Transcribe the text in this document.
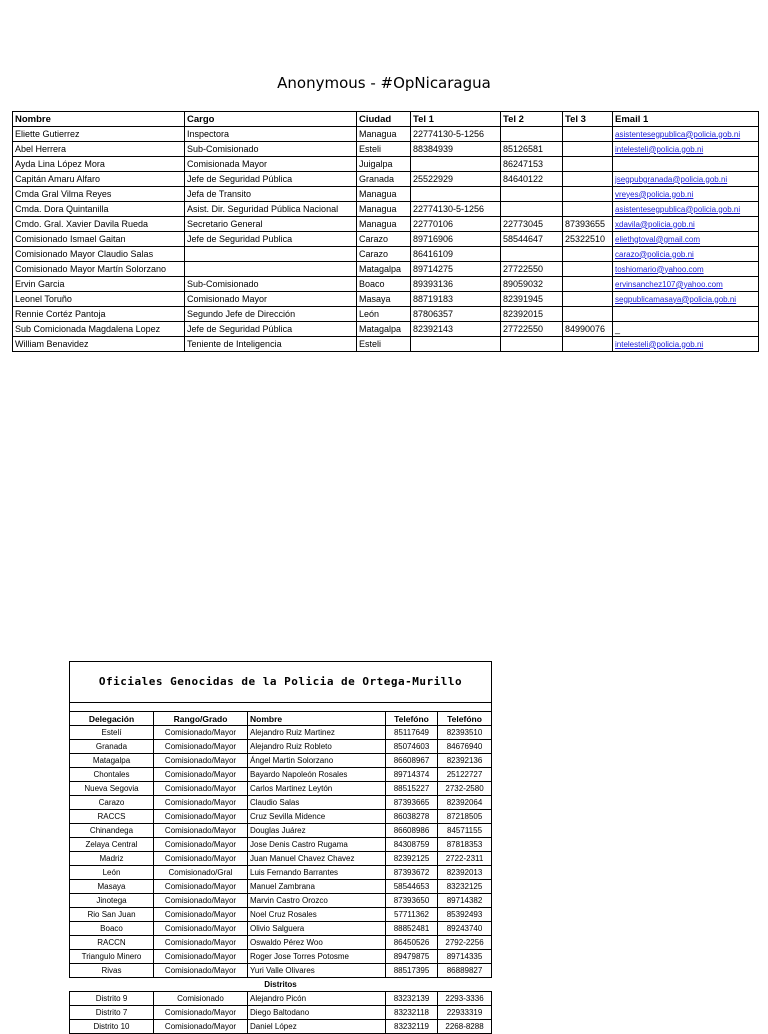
Anonymous - #OpNicaragua
Nombre	Cargo	Ciudad	Tel 1	Tel 2	Tel 3	Email 1
Eliette Gutierrez	Inspectora	Managua	22774130-5-1256			asistentesegpublica@policia.gob.ni
Abel Herrera	Sub-Comisionado	Esteli	88384939	85126581		intelesteli@policia.gob.ni
Ayda Lina López Mora	Comisionada Mayor	Juigalpa		86247153		
Capitán Amaru Alfaro	Jefe de Seguridad Pública	Granada	25522929	84640122		jsegpubgranada@policia.gob.ni
Cmda Gral Vilma Reyes	Jefa de Transito	Managua				vreyes@policia.gob.ni
Cmda. Dora Quintanilla	Asist. Dir. Seguridad Pública Nacional	Managua	22774130-5-1256			asistentesegpublica@policia.gob.ni
Cmdo. Gral. Xavier Davila Rueda	Secretario General	Managua	22770106	22773045	87393655	xdavila@policia.gob.ni
Comisionado Ismael Gaitan	Jefe de Seguridad Publica	Carazo	89716906	58544647	25322510	eliethgtoval@gmail.com
Comisionado Mayor Claudio Salas		Carazo	86416109			carazo@policia.gob.ni
Comisionado Mayor Martín Solorzano		Matagalpa	89714275	27722550		toshiomario@yahoo.com
Ervin Garcia	Sub-Comisionado	Boaco	89393136	89059032		ervinsanchez107@yahoo.com
Leonel Toruño	Comisionado Mayor	Masaya	88719183	82391945		segpublicamasaya@policia.gob.ni
Rennie Cortéz Pantoja	Segundo Jefe de Dirección	León	87806357	82392015		
Sub Comicionada Magdalena Lopez	Jefe de Seguridad Pública	Matagalpa	82392143	27722550	84990076	_
William Benavidez	Teniente de Inteligencia	Esteli				intelesteli@policia.gob.ni
Oficiales Genocidas de la Policia de Ortega-Murillo				

Delegación	Rango/Grado	Nombre	Telefóno	Telefóno
Estelí	Comisionado/Mayor	Alejandro Ruiz Martinez	85117649	82393510
Granada	Comisionado/Mayor	Alejandro Ruiz Robleto	85074603	84676940
Matagalpa	Comisionado/Mayor	Ángel Martin Solorzano	86608967	82392136
Chontales	Comisionado/Mayor	Bayardo Napoleón Rosales	89714374	25122727
Nueva Segovia	Comisionado/Mayor	Carlos Martinez Leytón	88515227	2732-2580
Carazo	Comisionado/Mayor	Claudio Salas	87393665	82392064
RACCS	Comisionado/Mayor	Cruz Sevilla Midence	86038278	87218505
Chinandega	Comisionado/Mayor	Douglas Juárez	86608986	84571155
Zelaya Central	Comisionado/Mayor	Jose Denis Castro Rugama	84308759	87818353
Madriz	Comisionado/Mayor	Juan Manuel Chavez Chavez	82392125	2722-2311
León	Comisionado/Gral	Luis Fernando Barrantes	87393672	82392013
Masaya	Comisionado/Mayor	Manuel Zambrana	58544653	83232125
Jinotega	Comisionado/Mayor	Marvin Castro Orozco	87393650	89714382
Rio San Juan	Comisionado/Mayor	Noel Cruz Rosales	57711362	85392493
Boaco	Comisionado/Mayor	Olivio Salguera	88852481	89243740
RACCN	Comisionado/Mayor	Oswaldo Pérez Woo	86450526	2792-2256
Triangulo Minero	Comisionado/Mayor	Roger Jose Torres Potosme	89479875	89714335
Rivas	Comisionado/Mayor	Yuri Valle Olivares	88517395	86889827
Distritos				
Distrito 9	Comisionado	Alejandro Picón	83232139	2293-3336
Distrito 7	Comisionado/Mayor	Diego Baltodano	83232118	22933319
Distrito 10	Comisionado/Mayor	Daniel López	83232119	2268-8288
